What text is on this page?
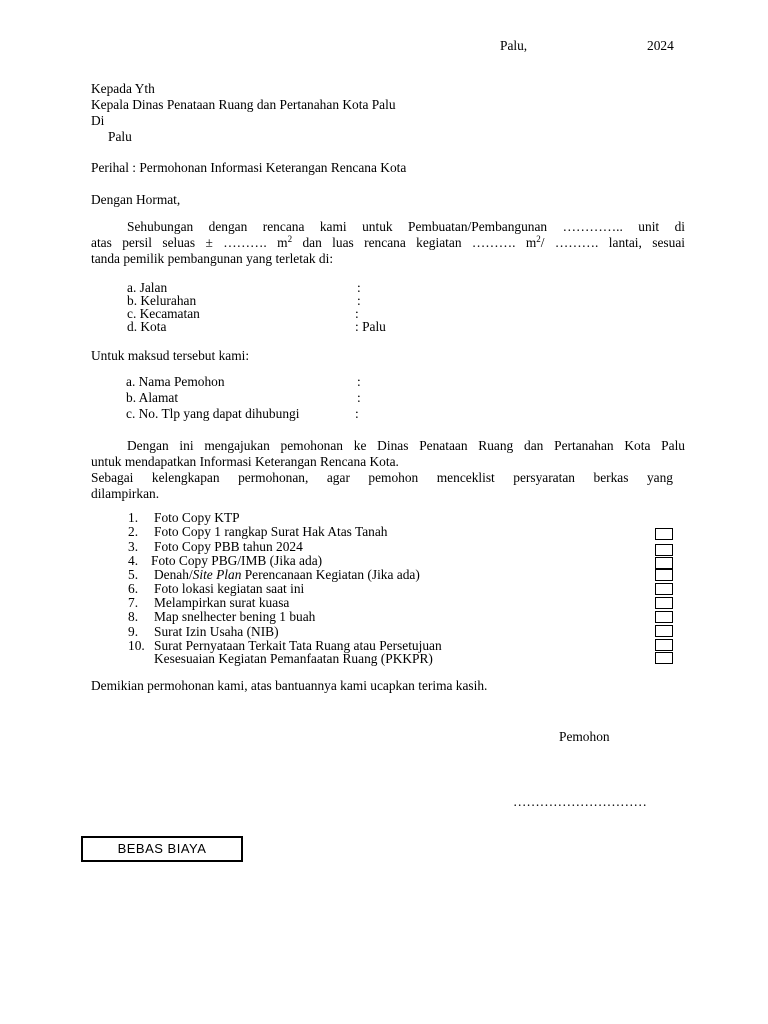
Palu,	2024
Kepada Yth
Kepala Dinas Penataan Ruang dan Pertanahan Kota Palu
Di
Palu
Perihal : Permohonan Informasi Keterangan Rencana Kota
Dengan Hormat,
Sehubungan dengan rencana kami untuk Pembuatan/Pembangunan ………….. unit di
atas persil seluas ± ………. $m^2$ dan luas rencana kegiatan ………. $m^2/$ ………. lantai, sesuai
tanda pemilik pembangunan yang terletak di:
a. Jalan	:
b. Kelurahan	:
c. Kecamatan	:
d. Kota	: Palu
Untuk maksud tersebut kami:
a. Nama Pemohon	:
b. Alamat	:
c. No. Tlp yang dapat dihubungi	:
Dengan ini mengajukan pemohonan ke Dinas Penataan Ruang dan Pertanahan Kota Palu
untuk mendapatkan Informasi Keterangan Rencana Kota.
Sebagai kelengkapan permohonan, agar pemohon menceklist persyaratan berkas yang
dilampirkan.
1. Foto Copy KTP
2. Foto Copy 1 rangkap Surat Hak Atas Tanah
3. Foto Copy PBB tahun 2024
4. Foto Copy PBG/IMB (Jika ada)
5. Denah/Site Plan Perencanaan Kegiatan (Jika ada)
6. Foto lokasi kegiatan saat ini
7. Melampirkan surat kuasa
8. Map snelhecter bening 1 buah
9. Surat Izin Usaha (NIB)
10. Surat Pernyataan Terkait Tata Ruang atau Persetujuan
Kesesuaian Kegiatan Pemanfaatan Ruang (PKKPR)
Demikian permohonan kami, atas bantuannya kami ucapkan terima kasih.
Pemohon
…………………………
BEBAS BIAYA
